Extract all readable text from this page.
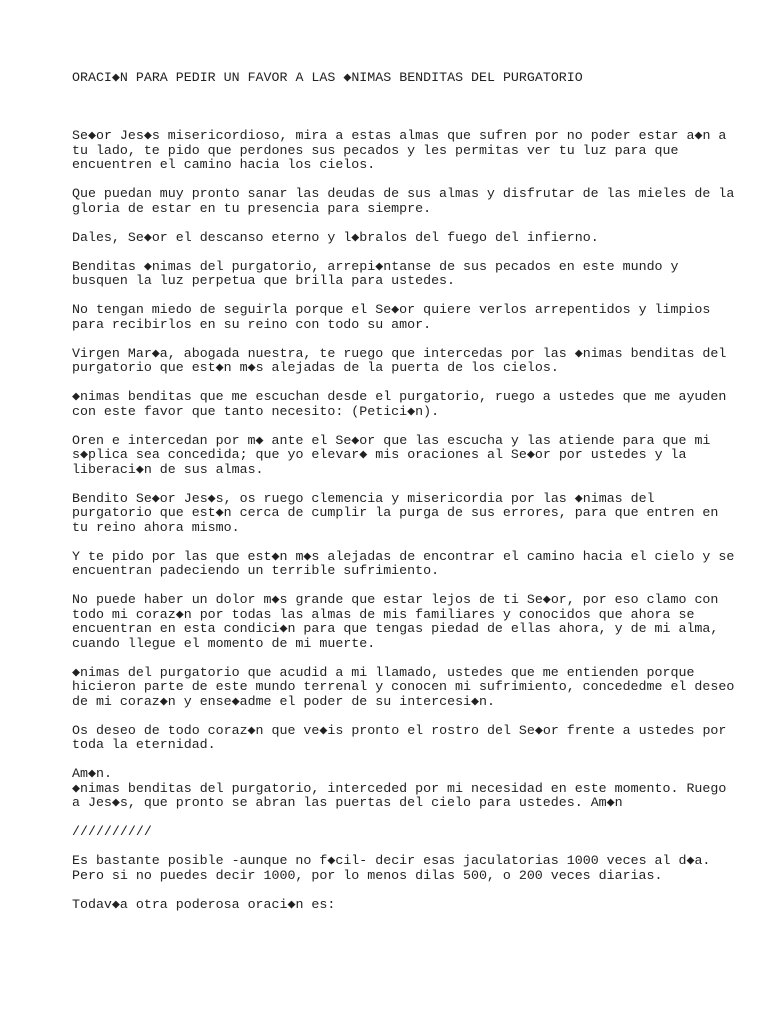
ORACI◆N PARA PEDIR UN FAVOR A LAS ◆NIMAS BENDITAS DEL PURGATORIO
Se◆or Jes◆s misericordioso, mira a estas almas que sufren por no poder estar a◆n a
tu lado, te pido que perdones sus pecados y les permitas ver tu luz para que
encuentren el camino hacia los cielos.
Que puedan muy pronto sanar las deudas de sus almas y disfrutar de las mieles de la
gloria de estar en tu presencia para siempre.
Dales, Se◆or el descanso eterno y l◆bralos del fuego del infierno.
Benditas ◆nimas del purgatorio, arrepi◆ntanse de sus pecados en este mundo y
busquen la luz perpetua que brilla para ustedes.
No tengan miedo de seguirla porque el Se◆or quiere verlos arrepentidos y limpios
para recibirlos en su reino con todo su amor.
Virgen Mar◆a, abogada nuestra, te ruego que intercedas por las ◆nimas benditas del
purgatorio que est◆n m◆s alejadas de la puerta de los cielos.
◆nimas benditas que me escuchan desde el purgatorio, ruego a ustedes que me ayuden
con este favor que tanto necesito: (Petici◆n).
Oren e intercedan por m◆ ante el Se◆or que las escucha y las atiende para que mi
s◆plica sea concedida; que yo elevar◆ mis oraciones al Se◆or por ustedes y la
liberaci◆n de sus almas.
Bendito Se◆or Jes◆s, os ruego clemencia y misericordia por las ◆nimas del
purgatorio que est◆n cerca de cumplir la purga de sus errores, para que entren en
tu reino ahora mismo.
Y te pido por las que est◆n m◆s alejadas de encontrar el camino hacia el cielo y se
encuentran padeciendo un terrible sufrimiento.
No puede haber un dolor m◆s grande que estar lejos de ti Se◆or, por eso clamo con
todo mi coraz◆n por todas las almas de mis familiares y conocidos que ahora se
encuentran en esta condici◆n para que tengas piedad de ellas ahora, y de mi alma,
cuando llegue el momento de mi muerte.
◆nimas del purgatorio que acudid a mi llamado, ustedes que me entienden porque
hicieron parte de este mundo terrenal y conocen mi sufrimiento, concededme el deseo
de mi coraz◆n y ense◆adme el poder de su intercesi◆n.
Os deseo de todo coraz◆n que ve◆is pronto el rostro del Se◆or frente a ustedes por
toda la eternidad.
Am◆n.
◆nimas benditas del purgatorio, interceded por mi necesidad en este momento. Ruego
a Jes◆s, que pronto se abran las puertas del cielo para ustedes. Am◆n
//////////
Es bastante posible -aunque no f◆cil- decir esas jaculatorias 1000 veces al d◆a.
Pero si no puedes decir 1000, por lo menos dilas 500, o 200 veces diarias.
Todav◆a otra poderosa oraci◆n es:
